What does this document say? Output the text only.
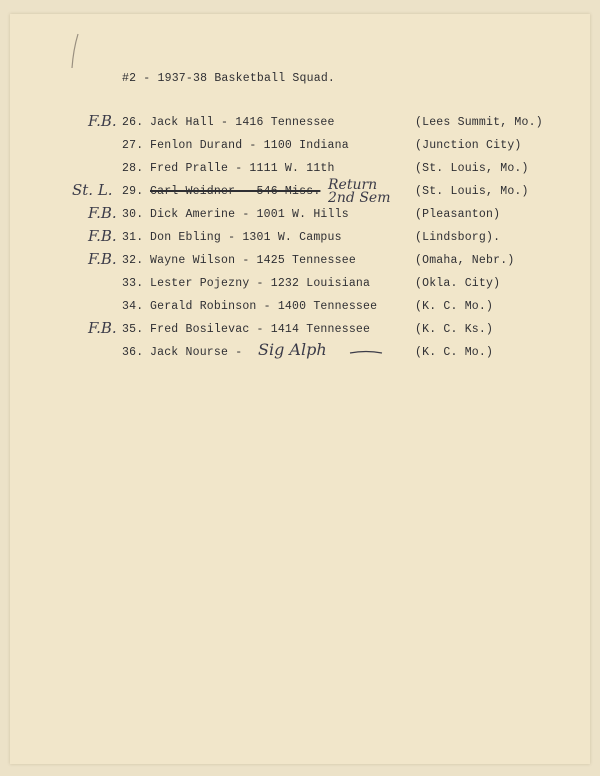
#2 - 1937-38 Basketball Squad.
F.B. 26. Jack Hall - 1416 Tennessee	(Lees Summit, Mo.)
27. Fenlon Durand - 1100 Indiana	(Junction City)
28. Fred Pralle - 1111 W. 11th	(St. Louis, Mo.)
St. L. 29. Carl Weidner - 546 Miss. Return 2nd Sem	(St. Louis, Mo.)
F.B. 30. Dick Amerine - 1001 W. Hills	(Pleasanton)
F.B. 31. Don Ebling - 1301 W. Campus	(Lindsborg).
F.B. 32. Wayne Wilson - 1425 Tennessee	(Omaha, Nebr.)
33. Lester Pojezny - 1232 Louisiana	(Okla. City)
34. Gerald Robinson - 1400 Tennessee	(K. C. Mo.)
F.B. 35. Fred Bosilevac - 1414 Tennessee	(K. C. Ks.)
36. Jack Nourse - Sig Alph	(K. C. Mo.)
